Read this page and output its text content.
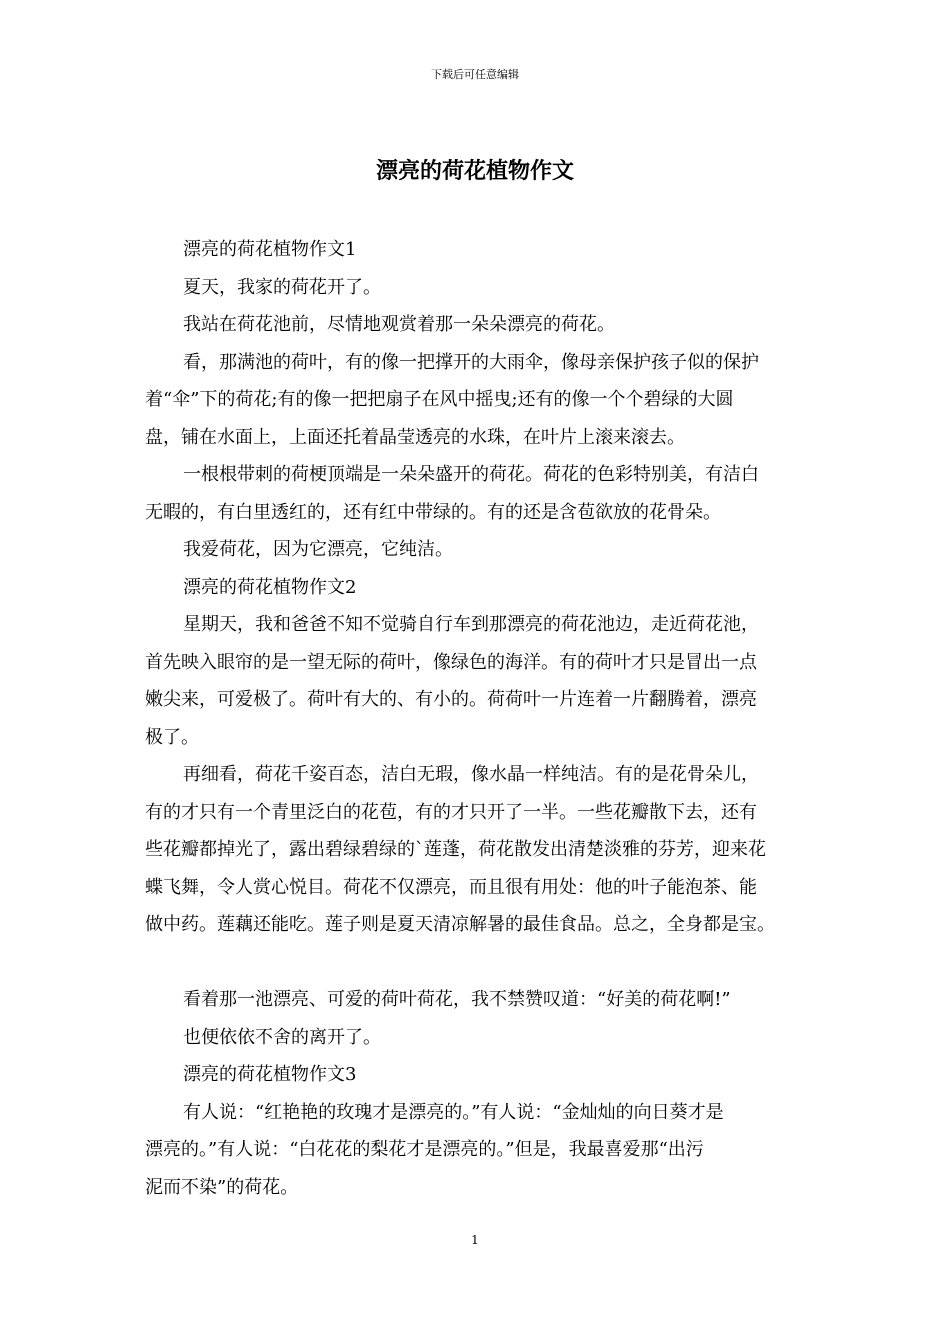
下载后可任意编辑
漂亮的荷花植物作文

漂亮的荷花植物作文1

夏天，我家的荷花开了。

我站在荷花池前，尽情地观赏着那一朵朵漂亮的荷花。

看，那满池的荷叶，有的像一把撑开的大雨伞，像母亲保护孩子似的保护

着“伞”下的荷花;有的像一把把扇子在风中摇曳;还有的像一个个碧绿的大圆

盘，铺在水面上，上面还托着晶莹透亮的水珠，在叶片上滚来滚去。

一根根带刺的荷梗顶端是一朵朵盛开的荷花。荷花的色彩特别美，有洁白

无暇的，有白里透红的，还有红中带绿的。有的还是含苞欲放的花骨朵。

我爱荷花，因为它漂亮，它纯洁。

漂亮的荷花植物作文2

星期天，我和爸爸不知不觉骑自行车到那漂亮的荷花池边，走近荷花池，

首先映入眼帘的是一望无际的荷叶，像绿色的海洋。有的荷叶才只是冒出一点

嫩尖来，可爱极了。荷叶有大的、有小的。荷荷叶一片连着一片翻腾着，漂亮

极了。

再细看，荷花千姿百态，洁白无瑕，像水晶一样纯洁。有的是花骨朵儿，

有的才只有一个青里泛白的花苞，有的才只开了一半。一些花瓣散下去，还有

些花瓣都掉光了，露出碧绿碧绿的`莲蓬，荷花散发出清楚淡雅的芬芳，迎来花

蝶飞舞，令人赏心悦目。荷花不仅漂亮，而且很有用处：他的叶子能泡茶、能

做中药。莲藕还能吃。莲子则是夏天清凉解暑的最佳食品。总之，全身都是宝。

看着那一池漂亮、可爱的荷叶荷花，我不禁赞叹道：“好美的荷花啊!”

也便依依不舍的离开了。

漂亮的荷花植物作文3

有人说：“红艳艳的玫瑰才是漂亮的。”有人说：“金灿灿的向日葵才是

漂亮的。”有人说：“白花花的梨花才是漂亮的。”但是，我最喜爱那“出污

泥而不染”的荷花。

1
